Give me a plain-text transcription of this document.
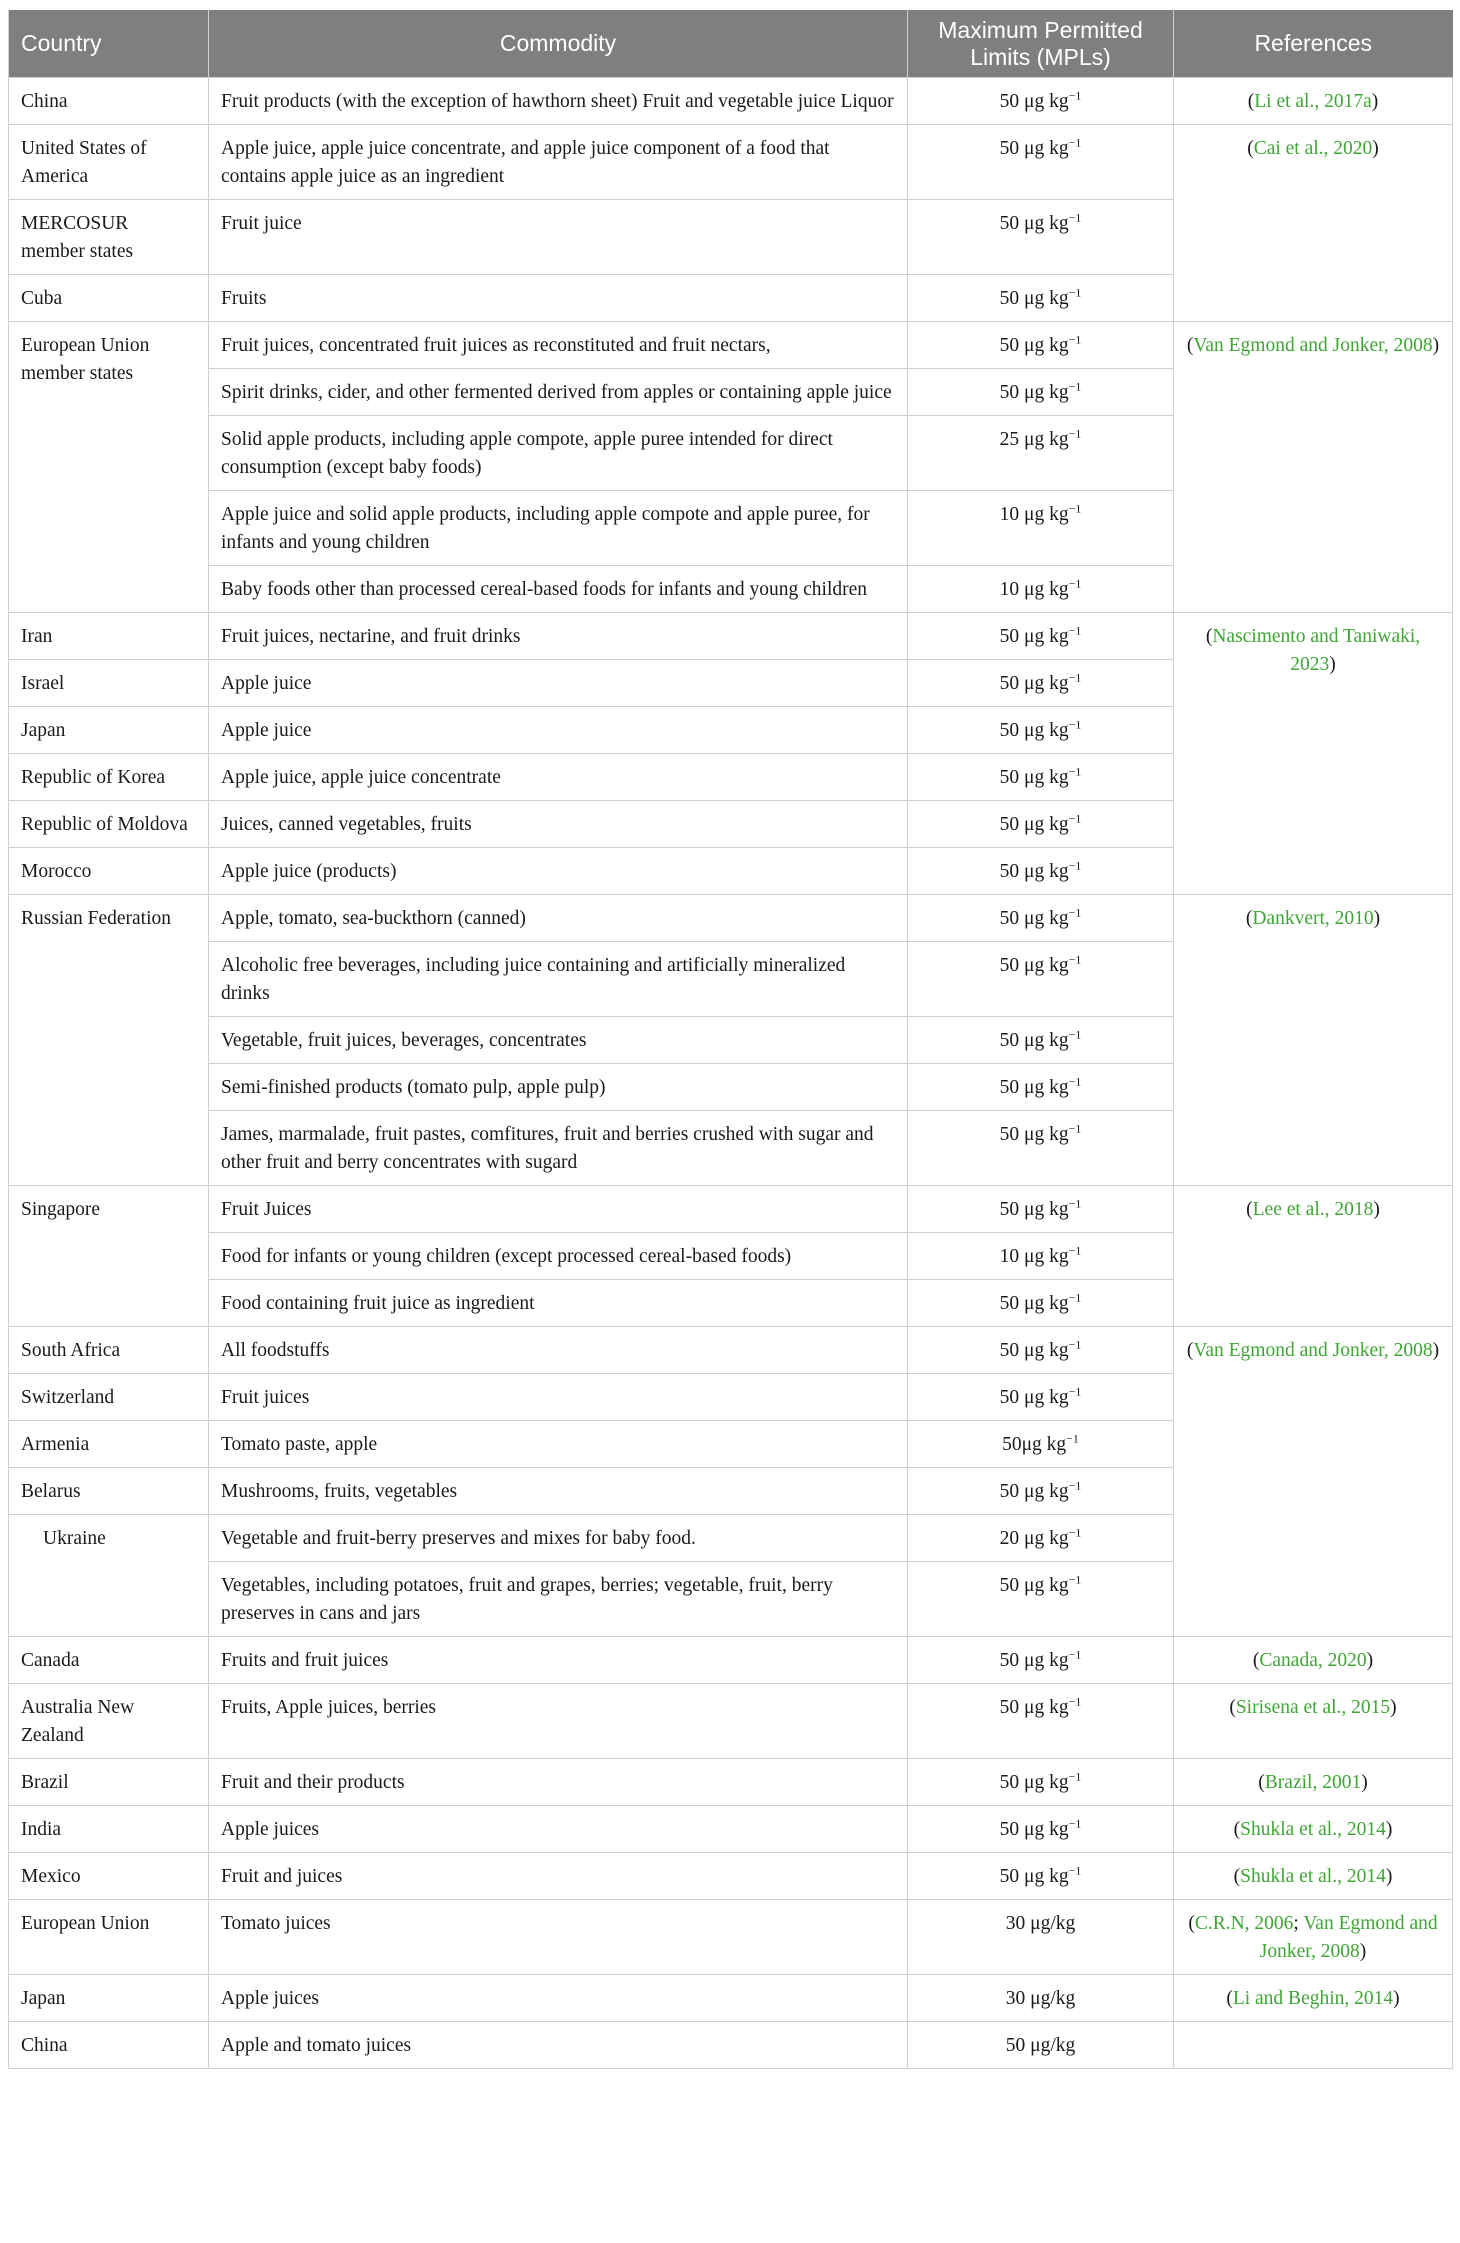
Country	Commodity	Maximum Permitted Limits (MPLs)	References
China	Fruit products (with the exception of hawthorn sheet) Fruit and vegetable juice Liquor	50 μg $kg^{-1}$	(Li et al., 2017a)
United States of America	Apple juice, apple juice concentrate, and apple juice component of a food that contains apple juice as an ingredient	50 μg $kg^{-1}$	(Cai et al., 2020)
MERCOSUR member states	Fruit juice	50 μg $kg^{-1}$
Cuba	Fruits	50 μg $kg^{-1}$
European Union member states	Fruit juices, concentrated fruit juices as reconstituted and fruit nectars,	50 μg $kg^{-1}$	(Van Egmond and Jonker, 2008)
	Spirit drinks, cider, and other fermented derived from apples or containing apple juice	50 μg $kg^{-1}$
	Solid apple products, including apple compote, apple puree intended for direct consumption (except baby foods)	25 μg $kg^{-1}$
	Apple juice and solid apple products, including apple compote and apple puree, for infants and young children	10 μg $kg^{-1}$
	Baby foods other than processed cereal-based foods for infants and young children	10 μg $kg^{-1}$
Iran	Fruit juices, nectarine, and fruit drinks	50 μg $kg^{-1}$	(Nascimento and Taniwaki, 2023)
Israel	Apple juice	50 μg $kg^{-1}$
Japan	Apple juice	50 μg $kg^{-1}$
Republic of Korea	Apple juice, apple juice concentrate	50 μg $kg^{-1}$
Republic of Moldova	Juices, canned vegetables, fruits	50 μg $kg^{-1}$
Morocco	Apple juice (products)	50 μg $kg^{-1}$
Russian Federation	Apple, tomato, sea-buckthorn (canned)	50 μg $kg^{-1}$	(Dankvert, 2010)
	Alcoholic free beverages, including juice containing and artificially mineralized drinks	50 μg $kg^{-1}$
	Vegetable, fruit juices, beverages, concentrates	50 μg $kg^{-1}$
	Semi-finished products (tomato pulp, apple pulp)	50 μg $kg^{-1}$
	James, marmalade, fruit pastes, comfitures, fruit and berries crushed with sugar and other fruit and berry concentrates with sugard	50 μg $kg^{-1}$
Singapore	Fruit Juices	50 μg $kg^{-1}$	(Lee et al., 2018)
	Food for infants or young children (except processed cereal-based foods)	10 μg $kg^{-1}$
	Food containing fruit juice as ingredient	50 μg $kg^{-1}$
South Africa	All foodstuffs	50 μg $kg^{-1}$	(Van Egmond and Jonker, 2008)
Switzerland	Fruit juices	50 μg $kg^{-1}$
Armenia	Tomato paste, apple	50μg $kg^{-1}$
Belarus	Mushrooms, fruits, vegetables	50 μg $kg^{-1}$
Ukraine	Vegetable and fruit-berry preserves and mixes for baby food.	20 μg $kg^{-1}$
	Vegetables, including potatoes, fruit and grapes, berries; vegetable, fruit, berry preserves in cans and jars	50 μg $kg^{-1}$
Canada	Fruits and fruit juices	50 μg $kg^{-1}$	(Canada, 2020)
Australia New Zealand	Fruits, Apple juices, berries	50 μg $kg^{-1}$	(Sirisena et al., 2015)
Brazil	Fruit and their products	50 μg $kg^{-1}$	(Brazil, 2001)
India	Apple juices	50 μg $kg^{-1}$	(Shukla et al., 2014)
Mexico	Fruit and juices	50 μg $kg^{-1}$	(Shukla et al., 2014)
European Union	Tomato juices	30 μg/kg	(C.R.N, 2006; Van Egmond and Jonker, 2008)
Japan	Apple juices	30 μg/kg	(Li and Beghin, 2014)
China	Apple and tomato juices	50 μg/kg	
